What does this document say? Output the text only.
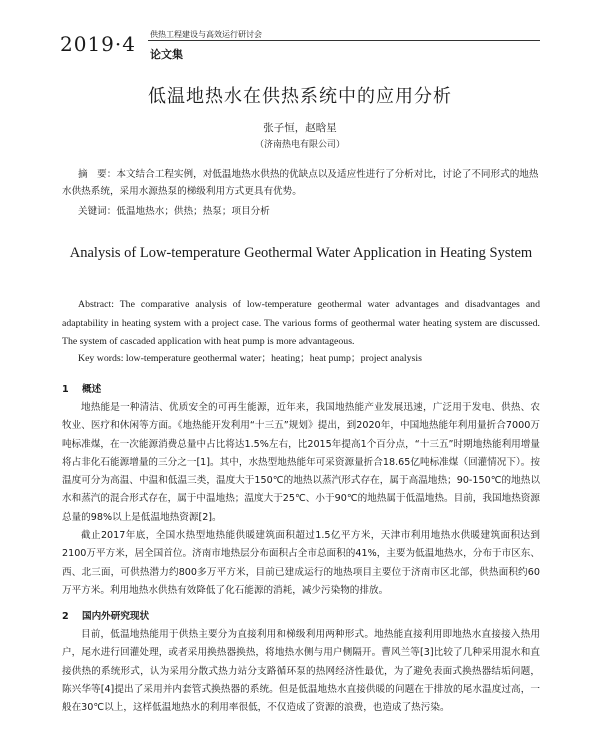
2019·4 供热工程建设与高效运行研讨会
论文集
低温地热水在供热系统中的应用分析
张子恒，赵晗星
（济南热电有限公司）
摘　要：本文结合工程实例，对低温地热水供热的优缺点以及适应性进行了分析对比，讨论了不同形式的地热水供热系统，采用水源热泵的梯级利用方式更具有优势。
关键词：低温地热水；供热；热泵；项目分析
Analysis of Low-temperature Geothermal Water Application in Heating System
Abstract: The comparative analysis of low-temperature geothermal water advantages and disadvantages and adaptability in heating system with a project case. The various forms of geothermal water heating system are discussed. The system of cascaded application with heat pump is more advantageous.
Key words: low-temperature geothermal water；heating；heat pump；project analysis
1 概述

地热能是一种清洁、优质安全的可再生能源，近年来，我国地热能产业发展迅速，广泛用于发电、供热、农牧业、医疗和休闲等方面。《地热能开发利用“十三五”规划》提出，到2020年，中国地热能年利用量折合7000万吨标准煤，在一次能源消费总量中占比将达1.5%左右，比2015年提高1个百分点，“十三五”时期地热能利用增量将占非化石能源增量的三分之一[1]。其中，水热型地热能年可采资源量折合18.65亿吨标准煤（回灌情况下）。按温度可分为高温、中温和低温三类，温度大于150℃的地热以蒸汽形式存在，属于高温地热；90-150℃的地热以水和蒸汽的混合形式存在，属于中温地热；温度大于25℃、小于90℃的地热属于低温地热。目前，我国地热资源总量的98%以上是低温地热资源[2]。

截止2017年底，全国水热型地热能供暖建筑面积超过1.5亿平方米，天津市利用地热水供暖建筑面积达到2100万平方米，居全国首位。济南市地热层分布面积占全市总面积的41%，主要为低温地热水，分布于市区东、西、北三面，可供热潜力约800多万平方米，目前已建成运行的地热项目主要位于济南市区北部，供热面积约60万平方米。利用地热水供热有效降低了化石能源的消耗，减少污染物的排放。

2 国内外研究现状

目前，低温地热能用于供热主要分为直接利用和梯级利用两种形式。地热能直接利用即地热水直接接入热用户，尾水进行回灌处理，或者采用换热器换热，将地热水侧与用户侧隔开。曹风兰等[3]比较了几种采用混水和直接供热的系统形式，认为采用分散式热力站分支路循环泵的热网经济性最优，为了避免表面式换热器结垢问题，陈兴华等[4]提出了采用并内套管式换热器的系统。但是低温地热水直接供暖的问题在于排放的尾水温度过高，一般在30℃以上，这样低温地热水的利用率很低，不仅造成了资源的浪费，也造成了热污染。
